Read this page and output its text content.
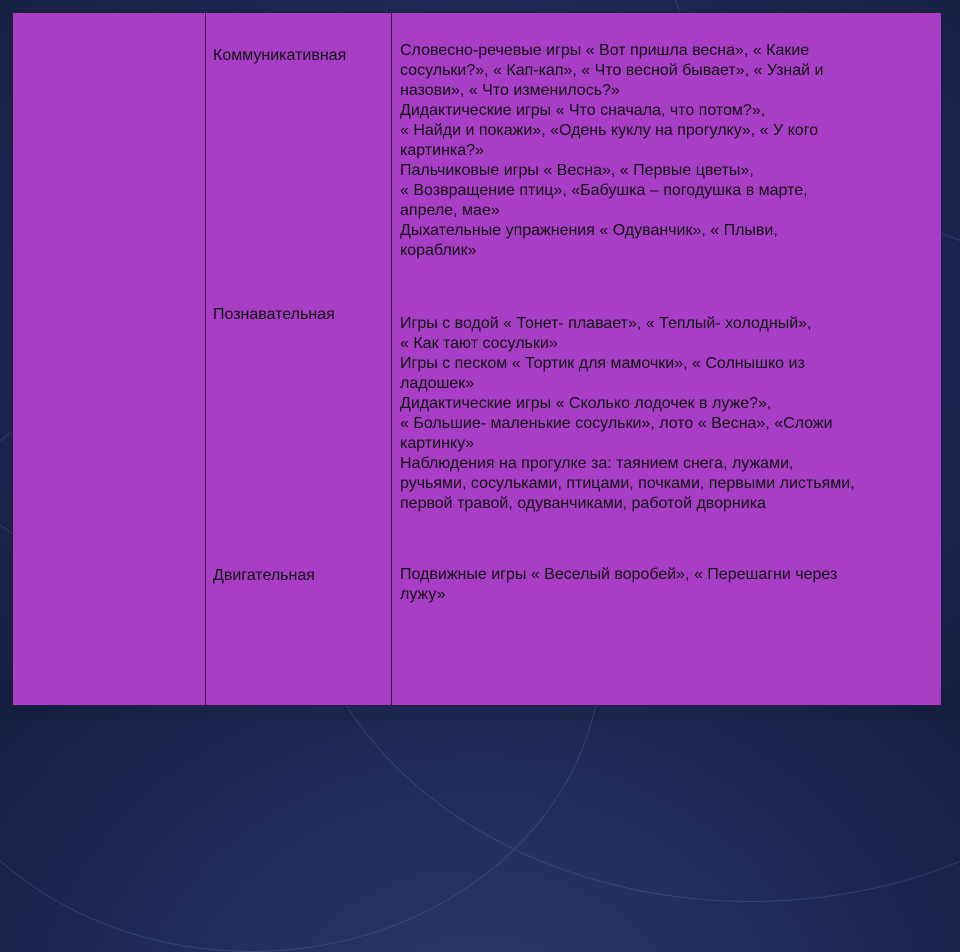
Коммуникативная
Познавательная
Двигательная
Словесно-речевые игры « Вот пришла весна», « Какие
сосульки?», « Кап-кап», « Что весной бывает», « Узнай и
назови», « Что изменилось?»
Дидактические игры « Что сначала, что потом?»,
« Найди и покажи», «Одень куклу на прогулку», « У кого
картинка?»
Пальчиковые игры « Весна», « Первые цветы»,
« Возвращение птиц», «Бабушка – погодушка в марте,
апреле, мае»
Дыхательные упражнения « Одуванчик», « Плыви,
кораблик»
Игры с водой « Тонет- плавает», « Теплый- холодный»,
« Как тают сосульки»
Игры с песком « Тортик для мамочки», « Солнышко из
ладошек»
Дидактические игры « Сколько лодочек в луже?»,
« Большие- маленькие сосульки», лото « Весна», «Сложи
картинку»
Наблюдения на прогулке за: таянием снега, лужами,
ручьями, сосульками, птицами, почками, первыми листьями,
первой травой, одуванчиками, работой дворника
Подвижные игры « Веселый воробей», « Перешагни через
лужу»
